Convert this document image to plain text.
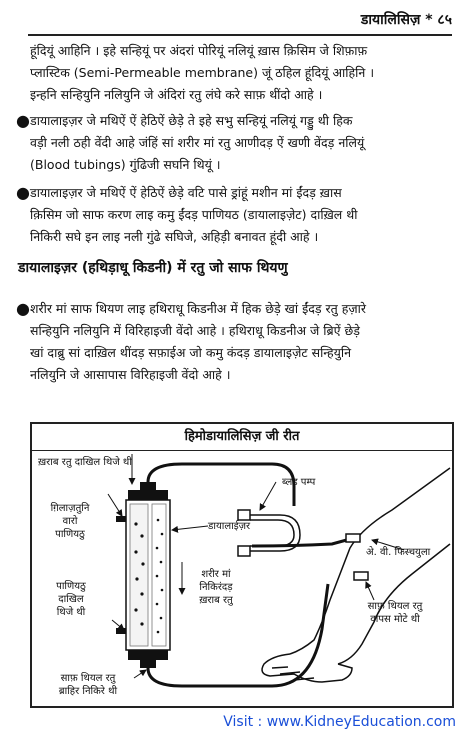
डायालिसिज़ * ८५
हूंदियूं आहिनि । इहे सन्हियूं पर अंदरां पोरियूं नलियूं ख़ास क़िसिम जे शिफ़ाफ़
प्लास्टिक (Semi-Permeable membrane) जूं ठहिल हूंदियूं आहिनि ।
इन्हनि सन्हियुनि नलियुनि जे अंदिरां रतु लंघे करे साफ़ थींदो आहे ।
● डायालाइज़र जे मथिऐं ऐं हेठिऐं छेड़े ते इहे सभु सन्हियूं नलियूं गड्डु थी हिक
वड़ी नली ठही वेंदी आहे जंहिं सां शरीर मां रतु आणीदड़ ऐं खणी वेंदड़ नलियूं
(Blood tubings) गुंढिजी सघनि थियूं ।
● डायालाइज़र जे मथिऐं ऐं हेठिऐं छेड़े वटि पासे ड्रांहूं मशीन मां ईंदड़ ख़ास
क़िसिम जो साफ करण लाइ कमु ईंदड़ पाणियठ (डायालाइज़ेट) दाख़िल थी
निकिरी सघे इन लाइ नली गुंढे सघिजे, अहिड़ी बनावत हूंदी आहे ।
डायालाइज़र (हथिड़ाधू किडनी) में रतु जो साफ थियणु
● शरीर मां साफ थियण लाइ हथिराधू किडनीअ में हिक छेड़े खां ईंदड़ रतु हज़ारे
सन्हियुनि नलियुनि में विरिहाइजी वेंदो आहे । हथिराधू किडनीअ जे ब्रिऐं छेड़े
खां दाब्रु सां दाख़िल थींदड़ सफ़ाईअ जो कमु कंदड़ डायालाइज़ेट सन्हियुनि
नलियुनि जे आसापास विरिहाइजी वेंदो आहे ।
हिमोडायालिसिज़ जी रीत
ख़राब रतु दाखिल थिजे थी
ब्लड पम्प
ग़िलाज़तुनि
वारो
पाणियठु
डायालाईज़र
शरीर मां
निकिरंदड़
ख़राब रतु
अे. वी. फिस्चयुला
पाणियठु
दाखिल
थिजे थी
साफ़ थियल रतु
वापस मोटे थी
साफ़ थियल रतु
ब्राहिर निकिरे थी
Visit : www.KidneyEducation.com
